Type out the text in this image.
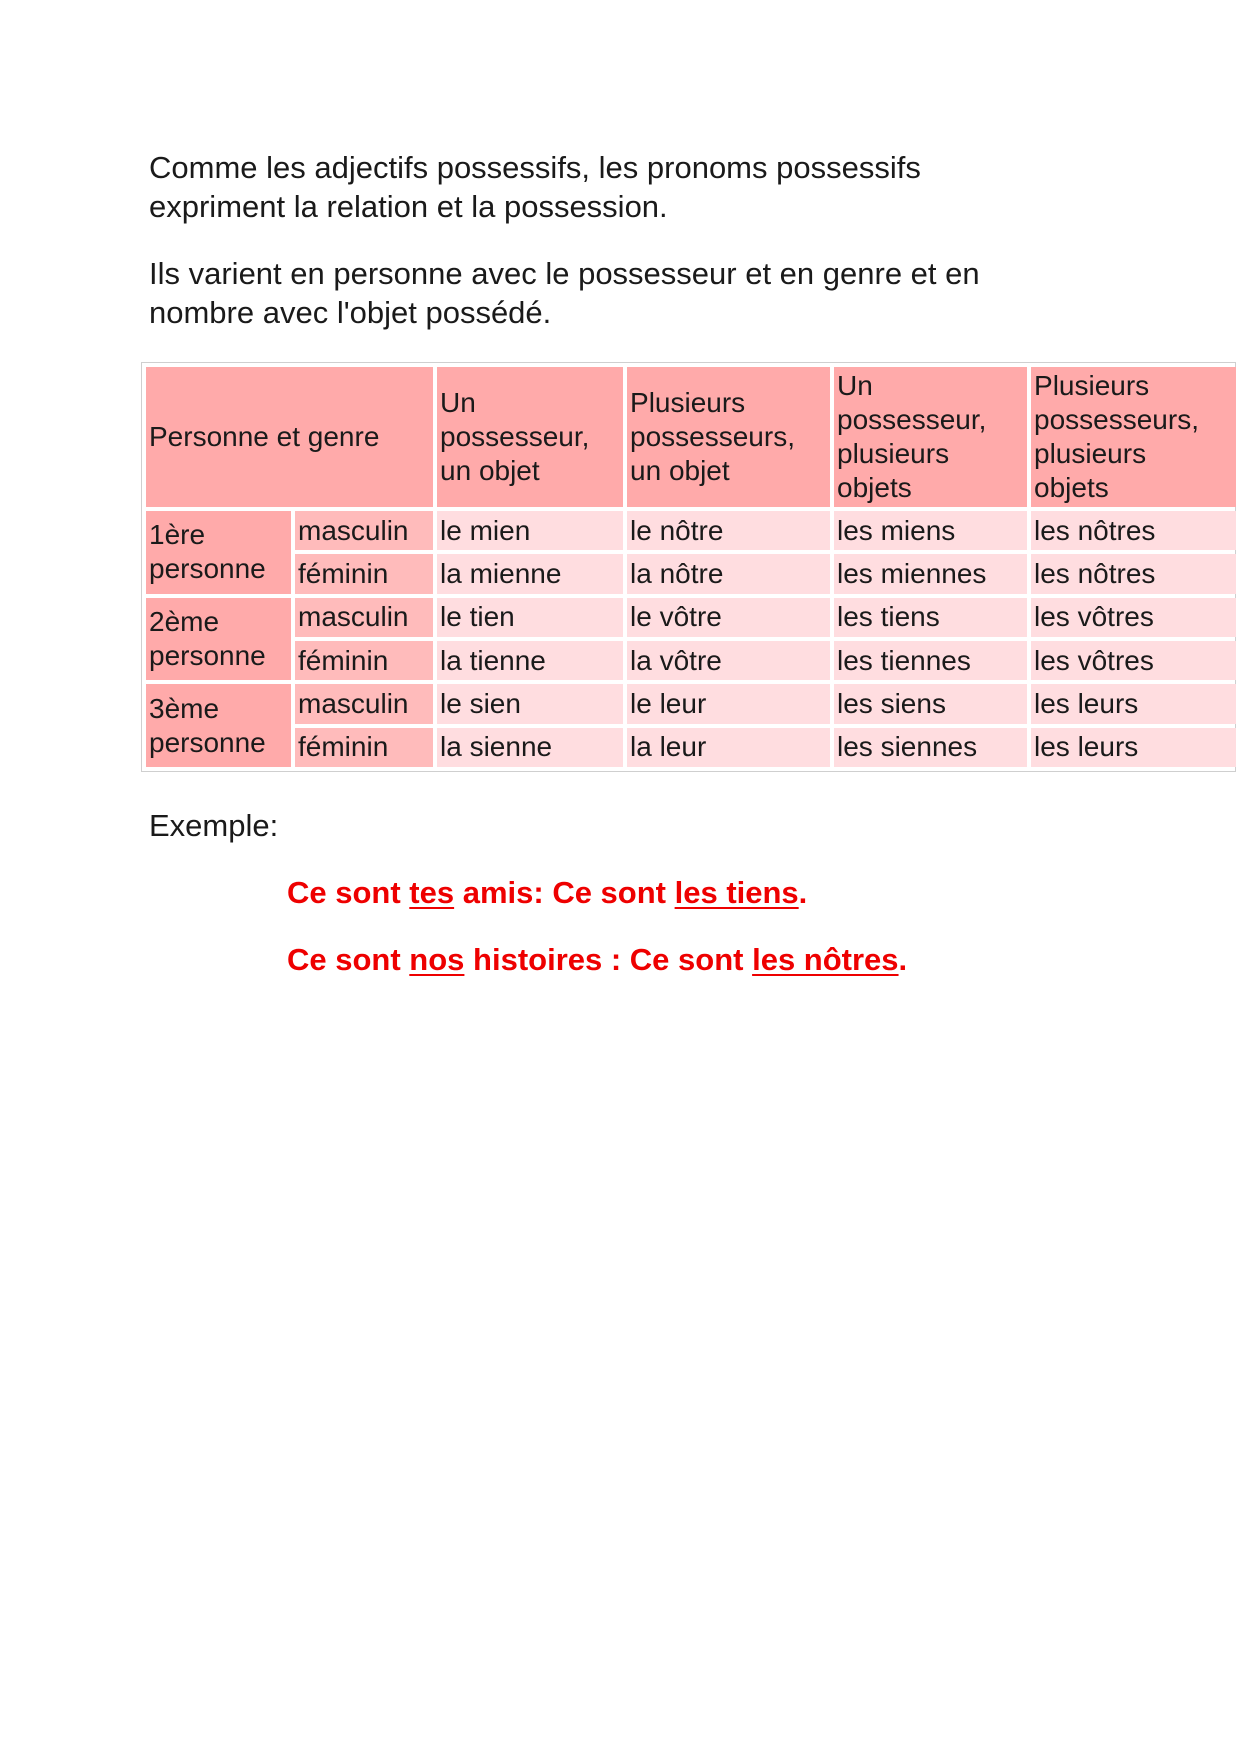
Comme les adjectifs possessifs, les pronoms possessifs
expriment la relation et la possession.

Ils varient en personne avec le possesseur et en genre et en
nombre avec l'objet possédé.

Personne et genre		Un
possesseur,
un objet	Plusieurs
possesseurs,
un objet	Un
possesseur,
plusieurs
objets	Plusieurs
possesseurs,
plusieurs
objets

1ère
personne	masculin	le mien	le nôtre	les miens	les nôtres
	féminin	la mienne	la nôtre	les miennes	les nôtres

2ème
personne	masculin	le tien	le vôtre	les tiens	les vôtres
	féminin	la tienne	la vôtre	les tiennes	les vôtres

3ème
personne	masculin	le sien	le leur	les siens	les leurs
	féminin	la sienne	la leur	les siennes	les leurs

Exemple:

Ce sont tes amis: Ce sont les tiens.

Ce sont nos histoires : Ce sont les nôtres.
